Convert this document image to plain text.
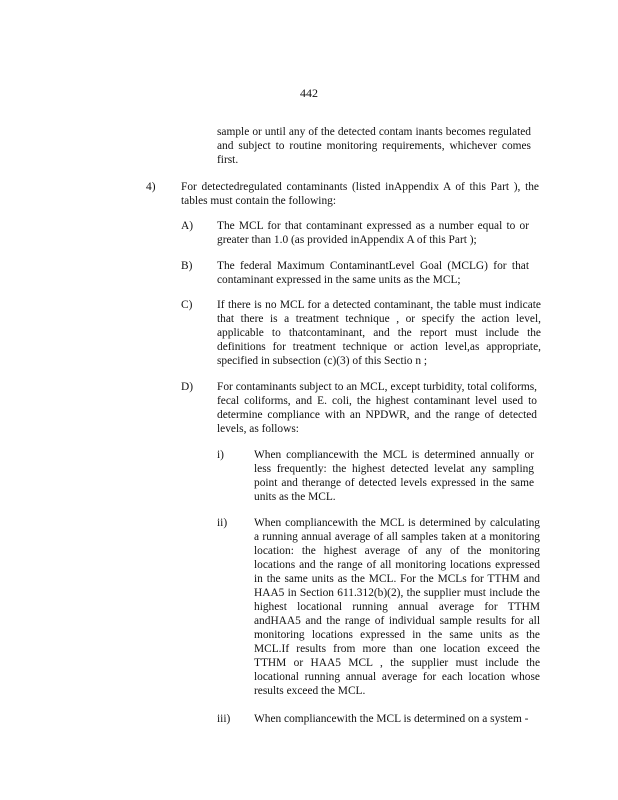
442
sample or until any of the detected contam inants becomes regulated and subject to routine monitoring requirements, whichever comes first.
4) For detectedregulated contaminants (listed inAppendix A of this Part ), the tables must contain the following:
A) The MCL for that contaminant expressed as a number equal to or greater than 1.0 (as provided inAppendix A of this Part );
B) The federal Maximum ContaminantLevel Goal (MCLG) for that contaminant expressed in the same units as the MCL;
C) If there is no MCL for a detected contaminant, the table must indicate that there is a treatment technique , or specify the action level, applicable to thatcontaminant, and the report must include the definitions for treatment technique or action level,as appropriate, specified in subsection (c)(3) of this Sectio n ;
D) For contaminants subject to an MCL, except turbidity, total coliforms, fecal coliforms, and E. coli, the highest contaminant level used to determine compliance with an NPDWR, and the range of detected levels, as follows:
i)	When compliancewith the MCL is determined annually or less frequently: the highest detected levelat any sampling point and therange of detected levels expressed in the same units as the MCL.
ii) When compliancewith the MCL is determined by calculating a running annual average of all samples taken at a monitoring location: the highest average of any of the monitoring locations and the range of all monitoring locations expressed in the same units as the MCL. For the MCLs for TTHM and HAA5 in Section 611.312(b)(2), the supplier must include the highest locational running annual average for TTHM andHAA5 and the range of individual sample results for all monitoring locations expressed in the same units as the MCL.If results from more than one location exceed the TTHM or HAA5 MCL , the supplier must include the locational running annual average for each location whose results exceed the MCL.
iii) When compliancewith the MCL is determined on a system -
